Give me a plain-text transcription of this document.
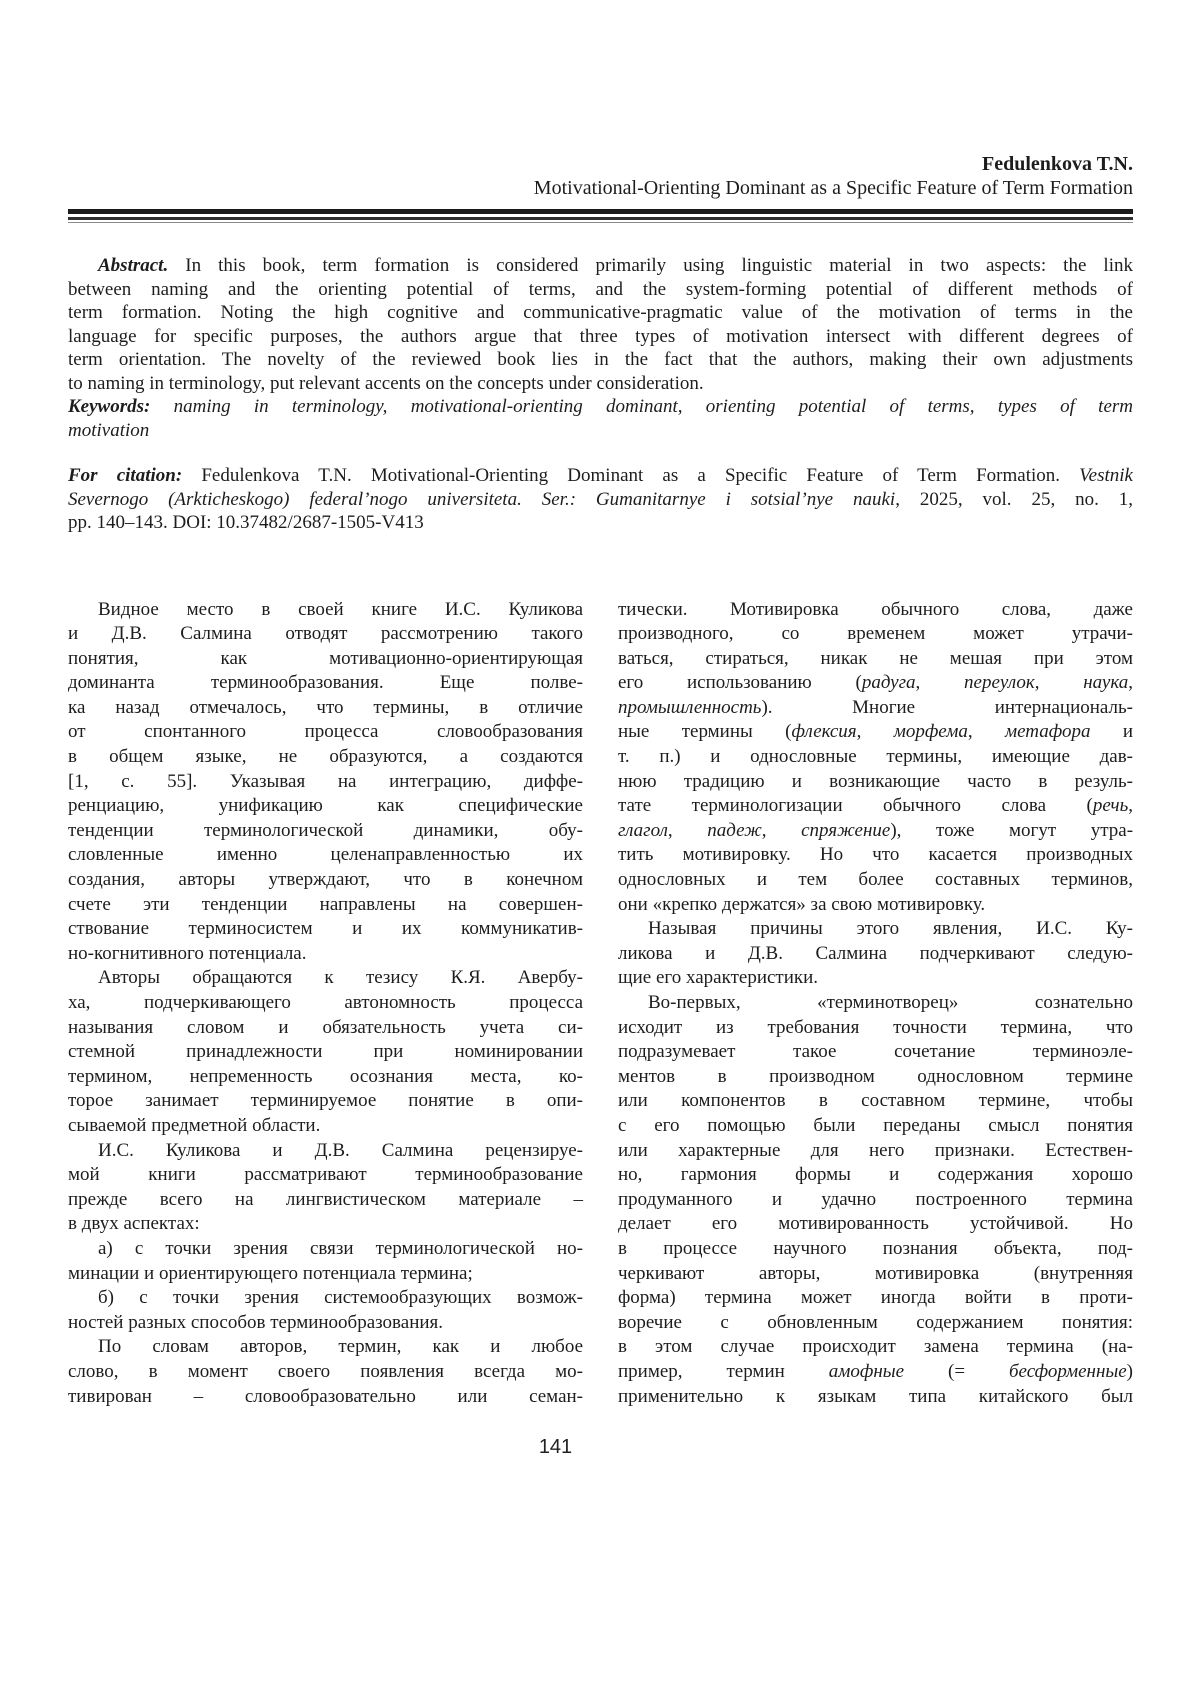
Fedulenkova T.N.
Motivational-Orienting Dominant as a Specific Feature of Term Formation
Abstract. In this book, term formation is considered primarily using linguistic material in two aspects: the link
between naming and the orienting potential of terms, and the system-forming potential of different methods of
term formation. Noting the high cognitive and communicative-pragmatic value of the motivation of terms in the
language for specific purposes, the authors argue that three types of motivation intersect with different degrees of
term orientation. The novelty of the reviewed book lies in the fact that the authors, making their own adjustments
to naming in terminology, put relevant accents on the concepts under consideration.
Keywords: naming in terminology, motivational-orienting dominant, orienting potential of terms, types of term
motivation
For citation: Fedulenkova T.N. Motivational-Orienting Dominant as a Specific Feature of Term Formation. Vestnik
Severnogo (Arkticheskogo) federal’nogo universiteta. Ser.: Gumanitarnye i sotsial’nye nauki, 2025, vol. 25, no. 1,
pp. 140–143. DOI: 10.37482/2687-1505-V413
Видное место в своей книге И.С. Куликова
и Д.В. Салмина отводят рассмотрению такого
понятия, как мотивационно-ориентирующая
доминанта терминообразования. Еще полве-
ка назад отмечалось, что термины, в отличие
от спонтанного процесса словообразования
в общем языке, не образуются, а создаются
[1, с. 55]. Указывая на интеграцию, диффе-
ренциацию, унификацию как специфические
тенденции терминологической динамики, обу-
словленные именно целенаправленностью их
создания, авторы утверждают, что в конечном
счете эти тенденции направлены на совершен-
ствование терминосистем и их коммуникатив-
но-когнитивного потенциала.
Авторы обращаются к тезису К.Я. Авербу-
ха, подчеркивающего автономность процесса
называния словом и обязательность учета си-
стемной принадлежности при номинировании
термином, непременность осознания места, ко-
торое занимает терминируемое понятие в опи-
сываемой предметной области.
И.С. Куликова и Д.В. Салмина рецензируе-
мой книги рассматривают терминообразование
прежде всего на лингвистическом материале –
в двух аспектах:
а) с точки зрения связи терминологической но-
минации и ориентирующего потенциала термина;
б) с точки зрения системообразующих возмож-
ностей разных способов терминообразования.
По словам авторов, термин, как и любое
слово, в момент своего появления всегда мо-
тивирован – словообразовательно или семан-
тически. Мотивировка обычного слова, даже
производного, со временем может утрачи-
ваться, стираться, никак не мешая при этом
его использованию (радуга, переулок, наука,
промышленность). Многие интернациональ-
ные термины (флексия, морфема, метафора и
т. п.) и однословные термины, имеющие дав-
нюю традицию и возникающие часто в резуль-
тате терминологизации обычного слова (речь,
глагол, падеж, спряжение), тоже могут утра-
тить мотивировку. Но что касается производных
однословных и тем более составных терминов,
они «крепко держатся» за свою мотивировку.
Называя причины этого явления, И.С. Ку-
ликова и Д.В. Салмина подчеркивают следую-
щие его характеристики.
Во-первых, «терминотворец» сознательно
исходит из требования точности термина, что
подразумевает такое сочетание терминоэле-
ментов в производном однословном термине
или компонентов в составном термине, чтобы
с его помощью были переданы смысл понятия
или характерные для него признаки. Естествен-
но, гармония формы и содержания хорошо
продуманного и удачно построенного термина
делает его мотивированность устойчивой. Но
в процессе научного познания объекта, под-
черкивают авторы, мотивировка (внутренняя
форма) термина может иногда войти в проти-
воречие с обновленным содержанием понятия:
в этом случае происходит замена термина (на-
пример, термин амофные (= бесформенные)
применительно к языкам типа китайского был
141
